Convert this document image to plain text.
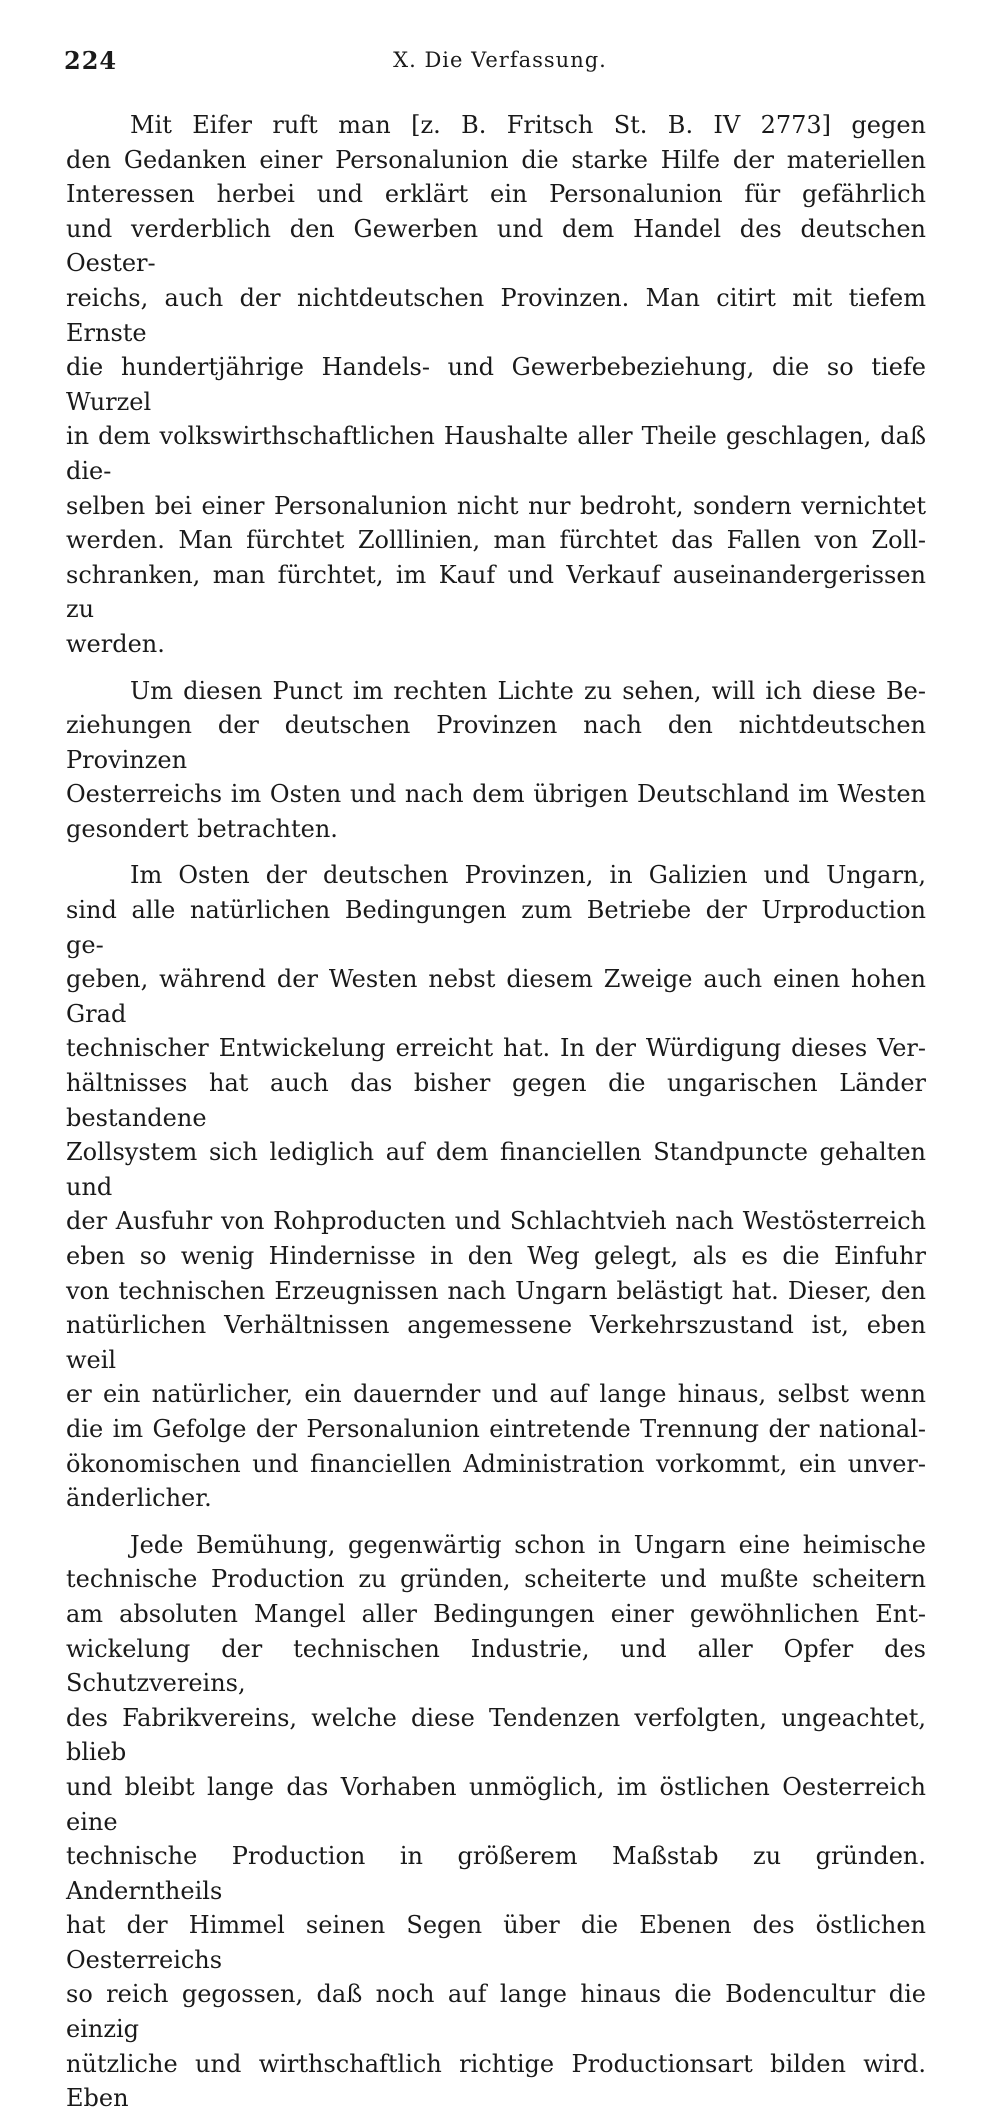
224	X. Die Verfassung.

Mit Eifer ruft man [z. B. Fritsch St. B. IV 2773] gegen
den Gedanken einer Personalunion die starke Hilfe der materiellen
Interessen herbei und erklärt ein Personalunion für gefährlich
und verderblich den Gewerben und dem Handel des deutschen Oester-
reichs, auch der nichtdeutschen Provinzen. Man citirt mit tiefem Ernste
die hundertjährige Handels- und Gewerbebeziehung, die so tiefe Wurzel
in dem volkswirthschaftlichen Haushalte aller Theile geschlagen, daß die-
selben bei einer Personalunion nicht nur bedroht, sondern vernichtet
werden. Man fürchtet Zolllinien, man fürchtet das Fallen von Zoll-
schranken, man fürchtet, im Kauf und Verkauf auseinandergerissen zu
werden.

Um diesen Punct im rechten Lichte zu sehen, will ich diese Be-
ziehungen der deutschen Provinzen nach den nichtdeutschen Provinzen
Oesterreichs im Osten und nach dem übrigen Deutschland im Westen
gesondert betrachten.

Im Osten der deutschen Provinzen, in Galizien und Ungarn,
sind alle natürlichen Bedingungen zum Betriebe der Urproduction ge-
geben, während der Westen nebst diesem Zweige auch einen hohen Grad
technischer Entwickelung erreicht hat. In der Würdigung dieses Ver-
hältnisses hat auch das bisher gegen die ungarischen Länder bestandene
Zollsystem sich lediglich auf dem financiellen Standpuncte gehalten und
der Ausfuhr von Rohproducten und Schlachtvieh nach Westösterreich
eben so wenig Hindernisse in den Weg gelegt, als es die Einfuhr
von technischen Erzeugnissen nach Ungarn belästigt hat. Dieser, den
natürlichen Verhältnissen angemessene Verkehrszustand ist, eben weil
er ein natürlicher, ein dauernder und auf lange hinaus, selbst wenn
die im Gefolge der Personalunion eintretende Trennung der national-
ökonomischen und financiellen Administration vorkommt, ein unver-
änderlicher.

Jede Bemühung, gegenwärtig schon in Ungarn eine heimische
technische Production zu gründen, scheiterte und mußte scheitern
am absoluten Mangel aller Bedingungen einer gewöhnlichen Ent-
wickelung der technischen Industrie, und aller Opfer des Schutzvereins,
des Fabrikvereins, welche diese Tendenzen verfolgten, ungeachtet, blieb
und bleibt lange das Vorhaben unmöglich, im östlichen Oesterreich eine
technische Production in größerem Maßstab zu gründen. Anderntheils
hat der Himmel seinen Segen über die Ebenen des östlichen Oesterreichs
so reich gegossen, daß noch auf lange hinaus die Bodencultur die einzig
nützliche und wirthschaftlich richtige Productionsart bilden wird. Eben
